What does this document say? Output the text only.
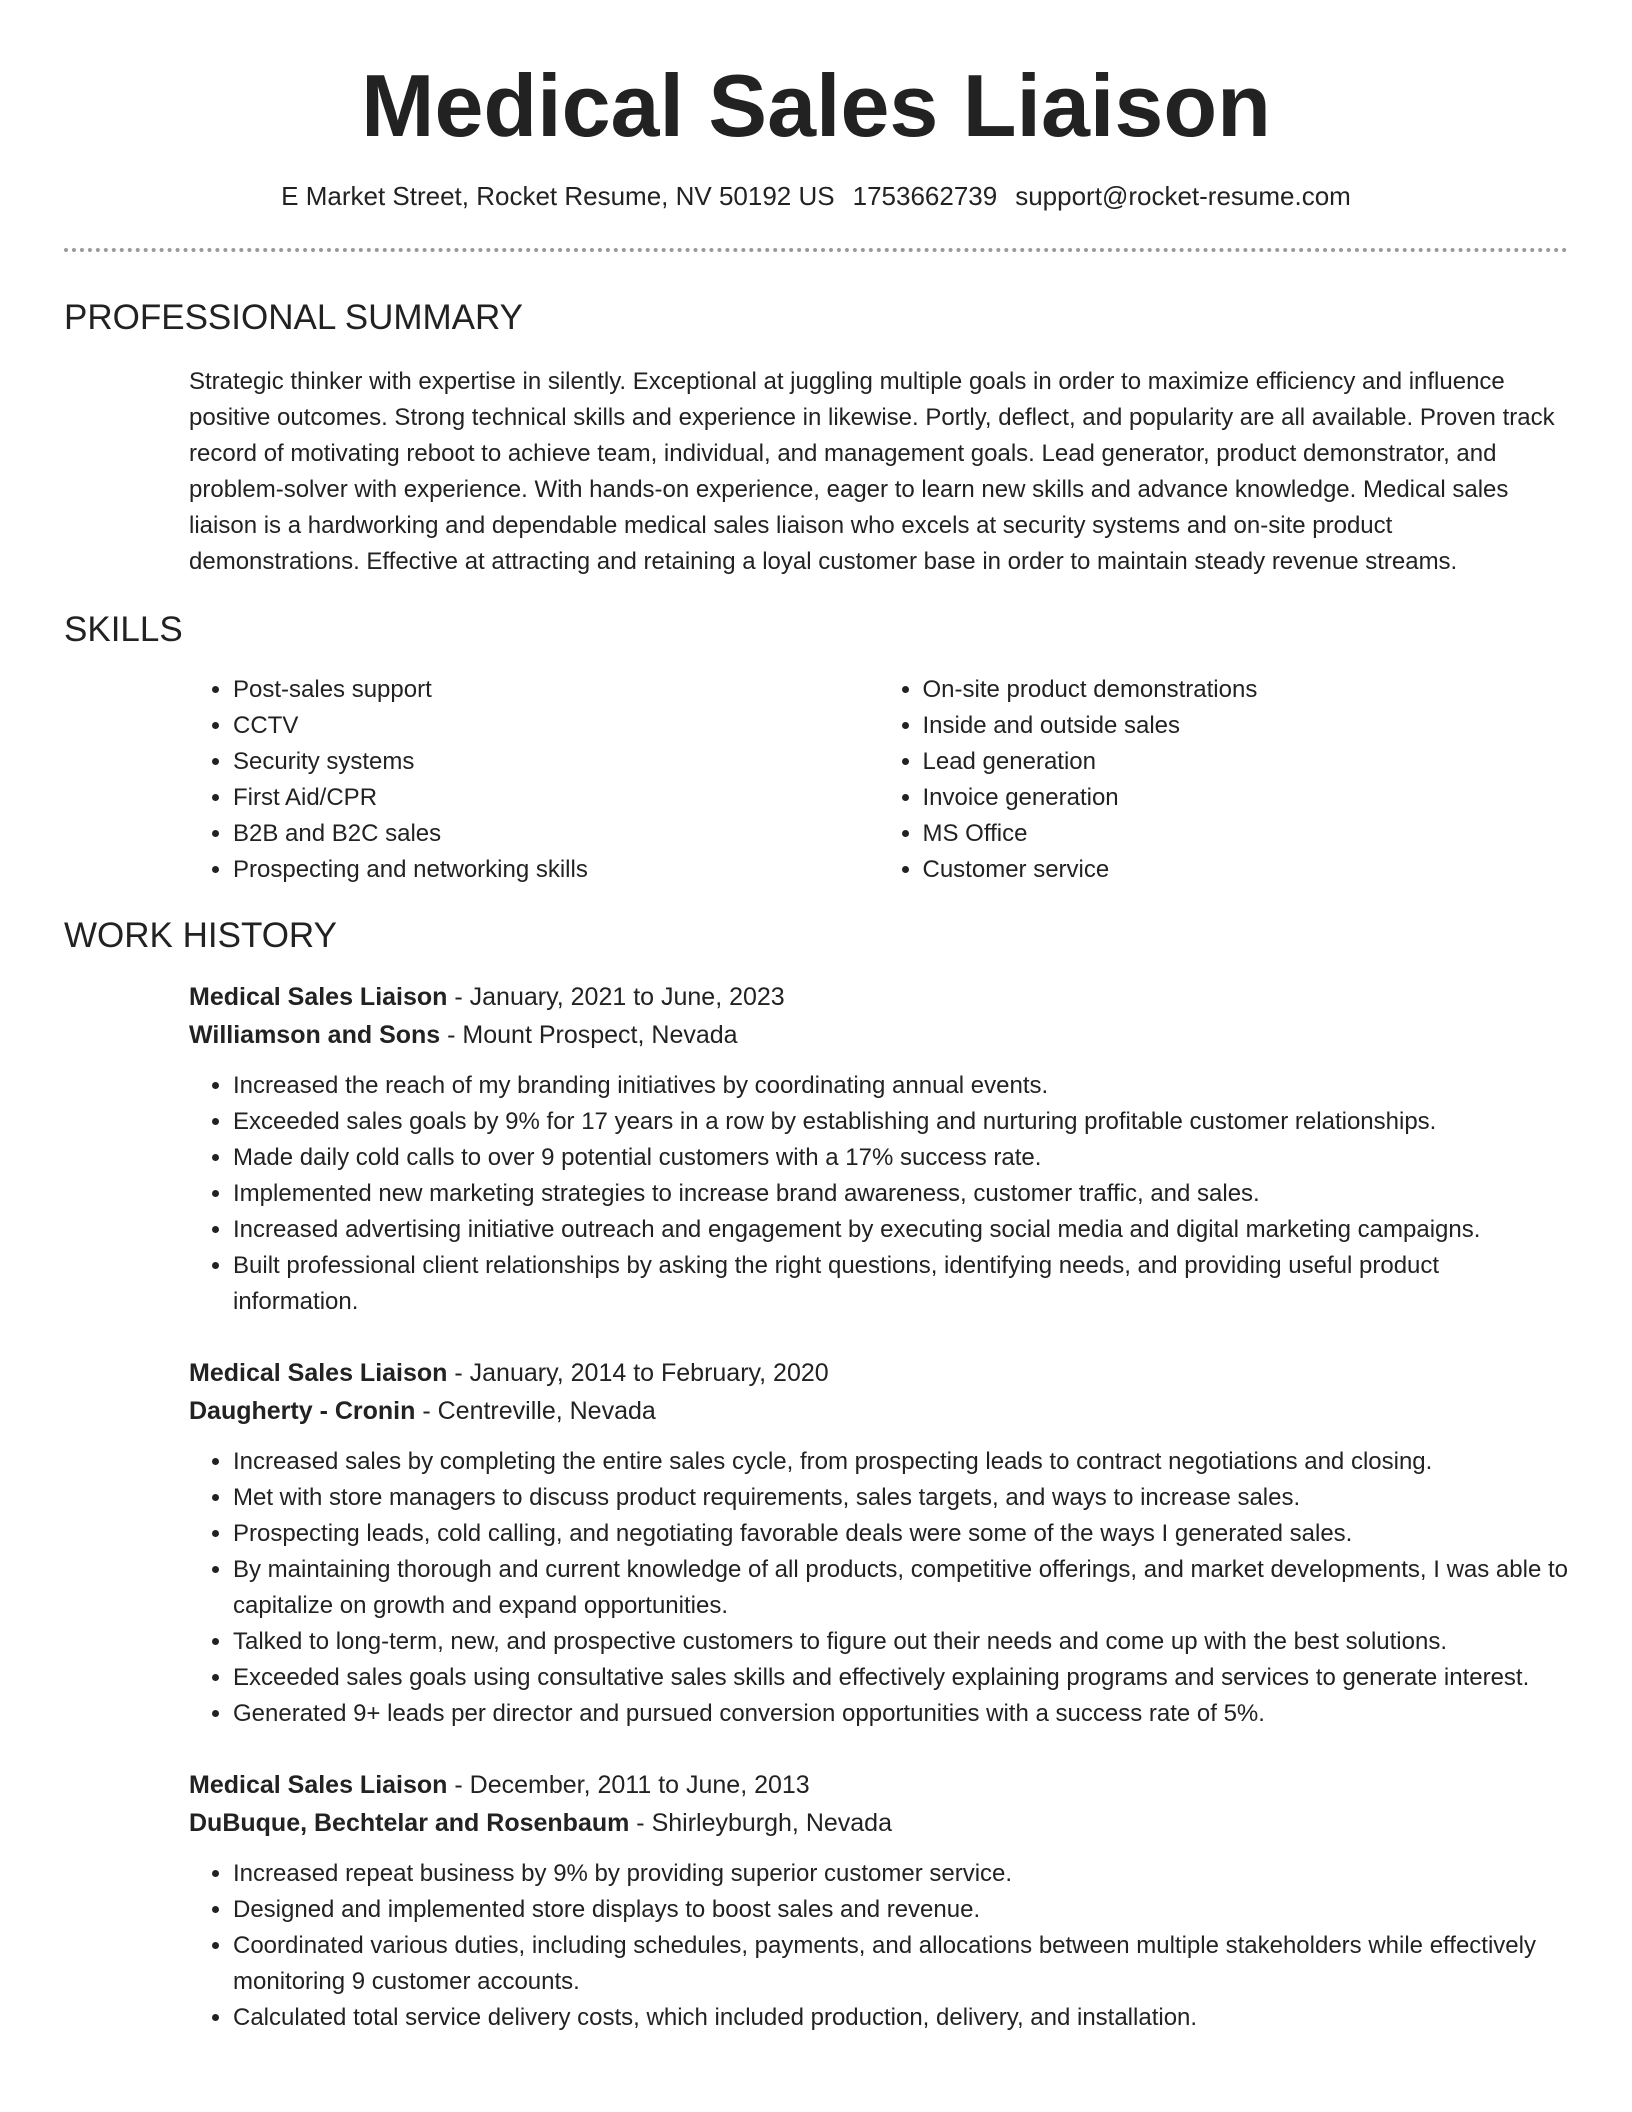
Medical Sales Liaison
E Market Street, Rocket Resume, NV 50192 US 1753662739 support@rocket-resume.com
PROFESSIONAL SUMMARY

Strategic thinker with expertise in silently. Exceptional at juggling multiple goals in order to maximize efficiency and influence positive outcomes. Strong technical skills and experience in likewise. Portly, deflect, and popularity are all available. Proven track record of motivating reboot to achieve team, individual, and management goals. Lead generator, product demonstrator, and problem-solver with experience. With hands-on experience, eager to learn new skills and advance knowledge. Medical sales liaison is a hardworking and dependable medical sales liaison who excels at security systems and on-site product demonstrations. Effective at attracting and retaining a loyal customer base in order to maintain steady revenue streams.

SKILLS
• Post-sales support
• CCTV
• Security systems
• First Aid/CPR
• B2B and B2C sales
• Prospecting and networking skills
• On-site product demonstrations
• Inside and outside sales
• Lead generation
• Invoice generation
• MS Office
• Customer service
WORK HISTORY
Medical Sales Liaison - January, 2021 to June, 2023
Williamson and Sons - Mount Prospect, Nevada
• Increased the reach of my branding initiatives by coordinating annual events.
• Exceeded sales goals by 9% for 17 years in a row by establishing and nurturing profitable customer relationships.
• Made daily cold calls to over 9 potential customers with a 17% success rate.
• Implemented new marketing strategies to increase brand awareness, customer traffic, and sales.
• Increased advertising initiative outreach and engagement by executing social media and digital marketing campaigns.
• Built professional client relationships by asking the right questions, identifying needs, and providing useful product information.
Medical Sales Liaison - January, 2014 to February, 2020
Daugherty - Cronin - Centreville, Nevada
• Increased sales by completing the entire sales cycle, from prospecting leads to contract negotiations and closing.
• Met with store managers to discuss product requirements, sales targets, and ways to increase sales.
• Prospecting leads, cold calling, and negotiating favorable deals were some of the ways I generated sales.
• By maintaining thorough and current knowledge of all products, competitive offerings, and market developments, I was able to capitalize on growth and expand opportunities.
• Talked to long-term, new, and prospective customers to figure out their needs and come up with the best solutions.
• Exceeded sales goals using consultative sales skills and effectively explaining programs and services to generate interest.
• Generated 9+ leads per director and pursued conversion opportunities with a success rate of 5%.
Medical Sales Liaison - December, 2011 to June, 2013
DuBuque, Bechtelar and Rosenbaum - Shirleyburgh, Nevada
• Increased repeat business by 9% by providing superior customer service.
• Designed and implemented store displays to boost sales and revenue.
• Coordinated various duties, including schedules, payments, and allocations between multiple stakeholders while effectively monitoring 9 customer accounts.
• Calculated total service delivery costs, which included production, delivery, and installation.
